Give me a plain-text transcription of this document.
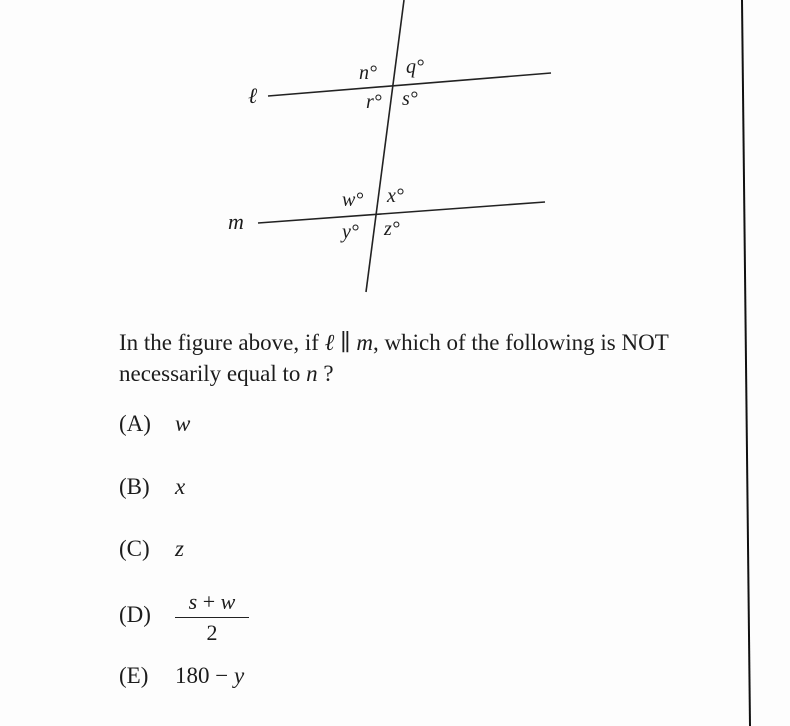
ℓ
m
n° q°
r° s°
w° x°
y° z°
In the figure above, if ℓ ∥ m, which of the following is NOT necessarily equal to n ?
(A) w
(B) x
(C) z
(D)	$\frac{s + w}{2}$
(E) 180 − y
